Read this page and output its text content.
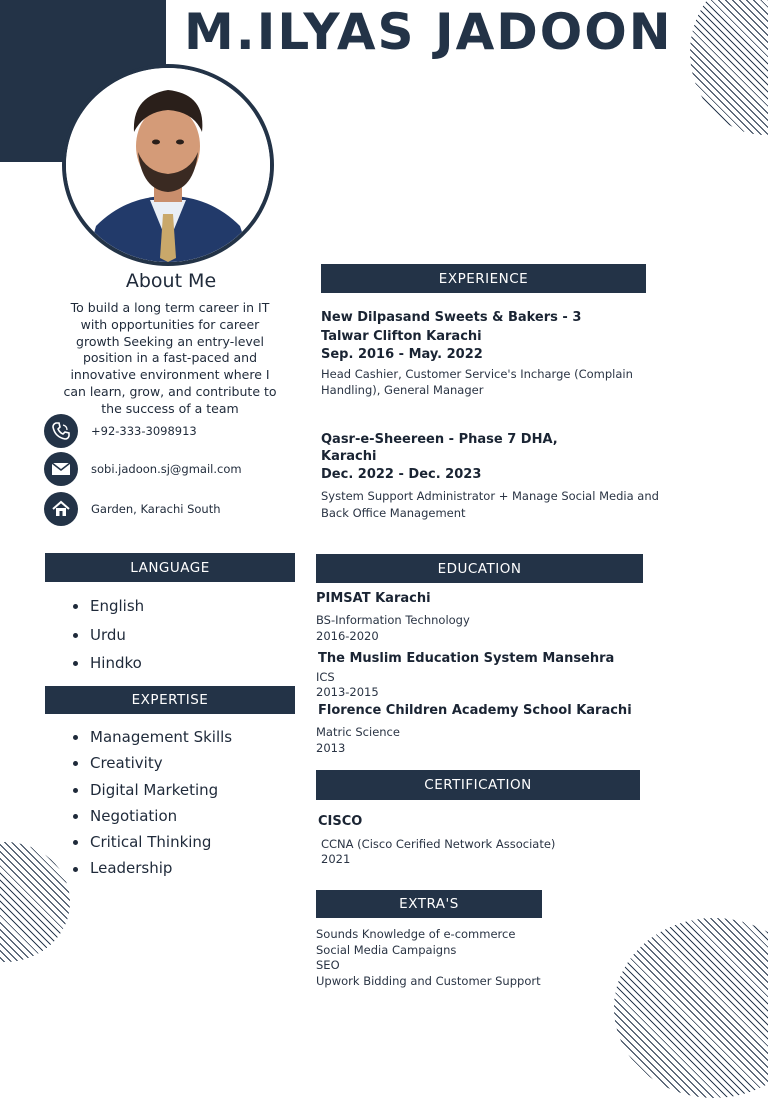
M.ILYAS JADOON
About Me
To build a long term career in IT
with opportunities for career
growth Seeking an entry-level
position in a fast-paced and
innovative environment where I
can learn, grow, and contribute to
the success of a team
+92-333-3098913
sobi.jadoon.sj@gmail.com
Garden, Karachi South
LANGUAGE
English
Urdu
Hindko
EXPERTISE
Management Skills
Creativity
Digital Marketing
Negotiation
Critical Thinking
Leadership
EXPERIENCE
New Dilpasand Sweets & Bakers - 3
Talwar Clifton Karachi
Sep. 2016 - May. 2022
Head Cashier, Customer Service's Incharge (Complain
Handling), General Manager
Qasr-e-Sheereen - Phase 7 DHA,
Karachi
Dec. 2022 - Dec. 2023
System Support Administrator + Manage Social Media and
Back Office Management
EDUCATION
PIMSAT Karachi
BS-Information Technology
2016-2020
The Muslim Education System Mansehra
ICS
2013-2015
Florence Children Academy School Karachi
Matric Science
2013
CERTIFICATION
CISCO
CCNA (Cisco Cerified Network Associate)
2021
EXTRA'S
Sounds Knowledge of e-commerce
Social Media Campaigns
SEO
Upwork Bidding and Customer Support
